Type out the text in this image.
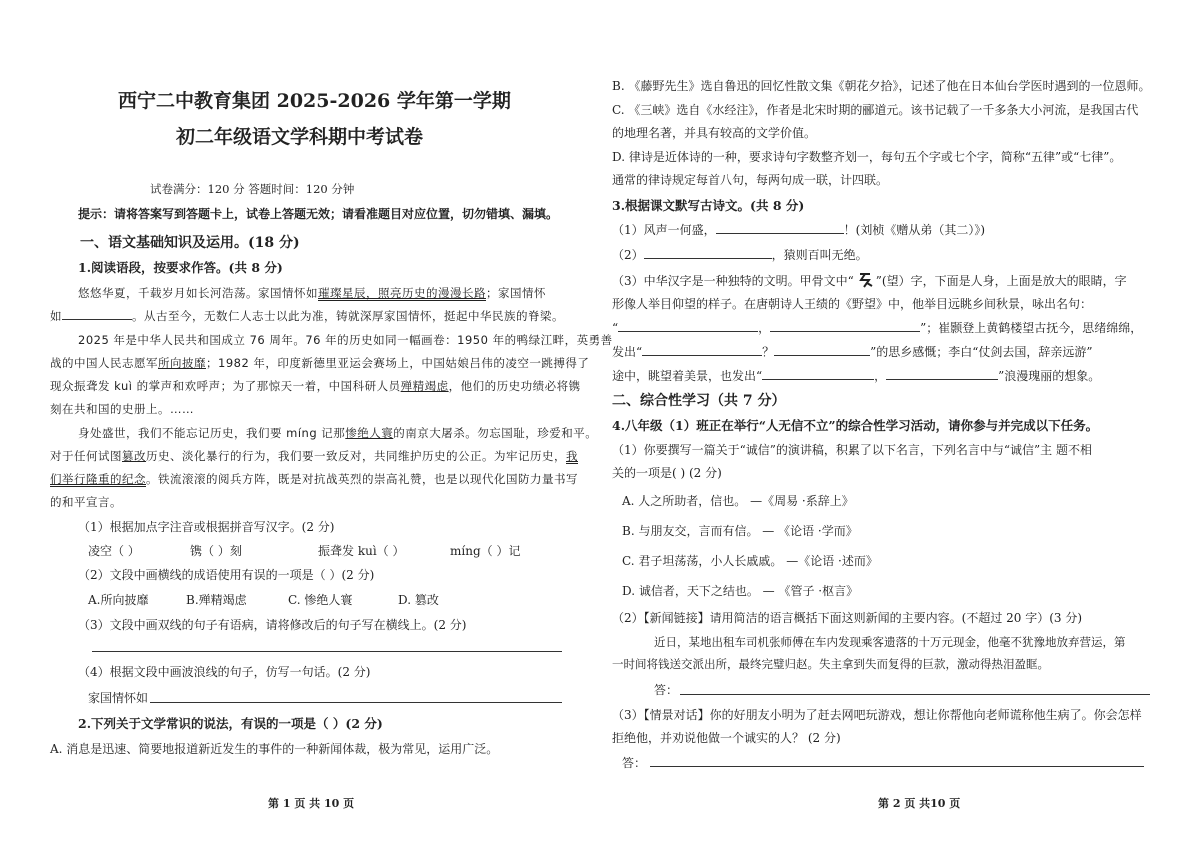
西宁二中教育集团 2025-2026 学年第一学期
初二年级语文学科期中考试卷
试卷满分：120 分 答题时间：120 分钟
提示：请将答案写到答题卡上，试卷上答题无效；请看准题目对应位置，切勿错填、漏填。
一、语文基础知识及运用。(18 分)
1.阅读语段，按要求作答。(共 8 分)
悠悠华夏，千载岁月如长河浩荡。家国情怀如璀璨星辰，照亮历史的漫漫长路；家国情怀
如	。从古至今，无数仁人志士以此为准，铸就深厚家国情怀，挺起中华民族的脊梁。
2025 年是中华人民共和国成立 76 周年。76 年的历史如同一幅画卷：1950 年的鸭绿江畔，英勇善
战的中国人民志愿军所向披靡；1982 年，印度新德里亚运会赛场上，中国姑娘吕伟的凌空一跳搏得了
现众振聋发 kuì 的掌声和欢呼声；为了那惊天一着，中国科研人员殚精竭虑，他们的历史功绩必将镌
刻在共和国的史册上。……
身处盛世，我们不能忘记历史，我们要 míng 记那惨绝人寰的南京大屠杀。勿忘国耻，珍爱和平。
对于任何试图篡改历史、淡化暴行的行为，我们要一致反对，共同维护历史的公正。为牢记历史，我
们举行隆重的纪念。铁流滚滚的阅兵方阵，既是对抗战英烈的崇高礼赞，也是以现代化国防力量书写
的和平宣言。
（1）根据加点字注音或根据拼音写汉字。(2 分)
凌空（ ）	镌（ ）刻	振聋发 kuì（ ）	míng（ ）记
（2）文段中画横线的成语使用有误的一项是（ ）(2 分)
A.所向披靡	B.殚精竭虑	C. 惨绝人寰	D. 篡改
（3）文段中画双线的句子有语病，请将修改后的句子写在横线上。(2 分)
（4）根据文段中画波浪线的句子，仿写一句话。(2 分)
家国情怀如
2.下列关于文学常识的说法，有误的一项是（ ）(2 分)
A. 消息是迅速、简要地报道新近发生的事件的一种新闻体裁，极为常见，运用广泛。
第 1 页 共 10 页
B. 《藤野先生》选自鲁迅的回忆性散文集《朝花夕拾》，记述了他在日本仙台学医时遇到的一位恩师。
C. 《三峡》选自《水经注》，作者是北宋时期的郦道元。该书记载了一千多条大小河流，是我国古代
的地理名著，并具有较高的文学价值。
D. 律诗是近体诗的一种，要求诗句字数整齐划一，每句五个字或七个字，简称“五律”或“七律”。
通常的律诗规定每首八句，每两句成一联，计四联。
3.根据课文默写古诗文。(共 8 分)
（1）风声一何盛，	！(刘桢《赠从弟（其二）》)
（2）	，猿则百叫无绝。
（3）中华汉字是一种独特的文明。甲骨文中“ ”(望）字，下面是人身，上面是放大的眼睛，字
形像人举目仰望的样子。在唐朝诗人王绩的《野望》中，他举目远眺乡间秋景，咏出名句：
“	，	”；崔颢登上黄鹤楼望古抚今，思绪绵绵，
发出“	？	”的思乡感慨；李白“仗剑去国，辞亲远游”
途中，眺望着美景，也发出“	，	”浪漫瑰丽的想象。
二、综合性学习（共 7 分）
4.八年级（1）班正在举行“人无信不立”的综合性学习活动，请你参与并完成以下任务。
（1）你要撰写一篇关于“诚信”的演讲稿，积累了以下名言，下列名言中与“诚信”主 题不相
关的一项是( ) (2 分)
A. 人之所助者，信也。 —《周易 ·系辞上》
B. 与朋友交，言而有信。 — 《论语 ·学而》
C. 君子坦荡荡，小人长戚戚。 —《论语 ·述而》
D. 诚信者，天下之结也。 — 《管子 ·枢言》
（2）【新闻链接】请用简洁的语言概括下面这则新闻的主要内容。(不超过 20 字）(3 分)
近日，某地出租车司机张师傅在车内发现乘客遗落的十万元现金，他毫不犹豫地放弃营运，第
一时间将钱送交派出所，最终完璧归赵。失主拿到失而复得的巨款，激动得热泪盈眶。
答：
（3）【情景对话】你的好朋友小明为了赶去网吧玩游戏，想让你帮他向老师谎称他生病了。你会怎样
拒绝他，并劝说他做一个诚实的人？ (2 分)
答：
第 2 页 共10 页
